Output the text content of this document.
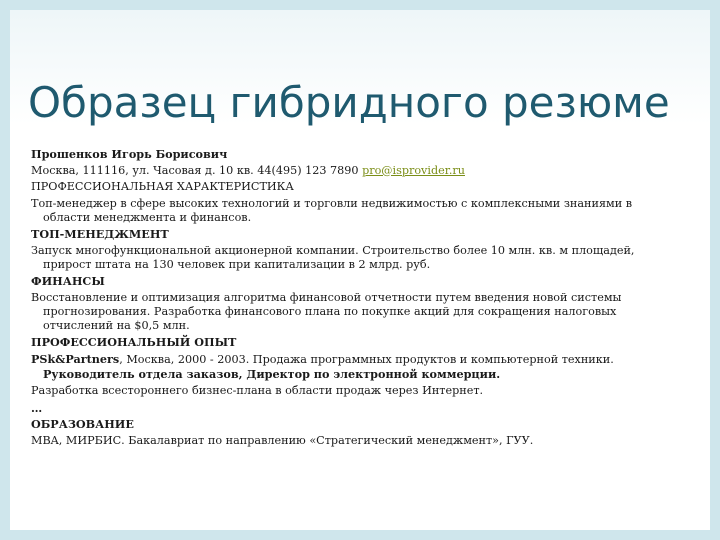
Образец гибридного резюме

Прошенков Игорь Борисович

Москва, 111116, ул. Часовая д. 10 кв. 44(495) 123 7890 pro@isprovider.ru

ПРОФЕССИОНАЛЬНАЯ ХАРАКТЕРИСТИКА

Топ-менеджер в сфере высоких технологий и торговли недвижимостью с комплексными знаниями в области менеджмента и финансов.

ТОП-МЕНЕДЖМЕНТ

Запуск многофункциональной акционерной компании. Строительство более 10 млн. кв. м площадей, прирост штата на 130 человек при капитализации в 2 млрд. руб.

ФИНАНСЫ

Восстановление и оптимизация алгоритма финансовой отчетности путем введения новой системы прогнозирования. Разработка финансового плана по покупке акций для сокращения налоговых отчислений на $0,5 млн.

ПРОФЕССИОНАЛЬНЫЙ ОПЫТ

PSk&Partners, Москва, 2000 - 2003. Продажа программных продуктов и компьютерной техники. Руководитель отдела заказов, Директор по электронной коммерции.

Разработка всестороннего бизнес-плана в области продаж через Интернет.

…

ОБРАЗОВАНИЕ

MBA, МИРБИС. Бакалавриат по направлению «Стратегический менеджмент», ГУУ.
